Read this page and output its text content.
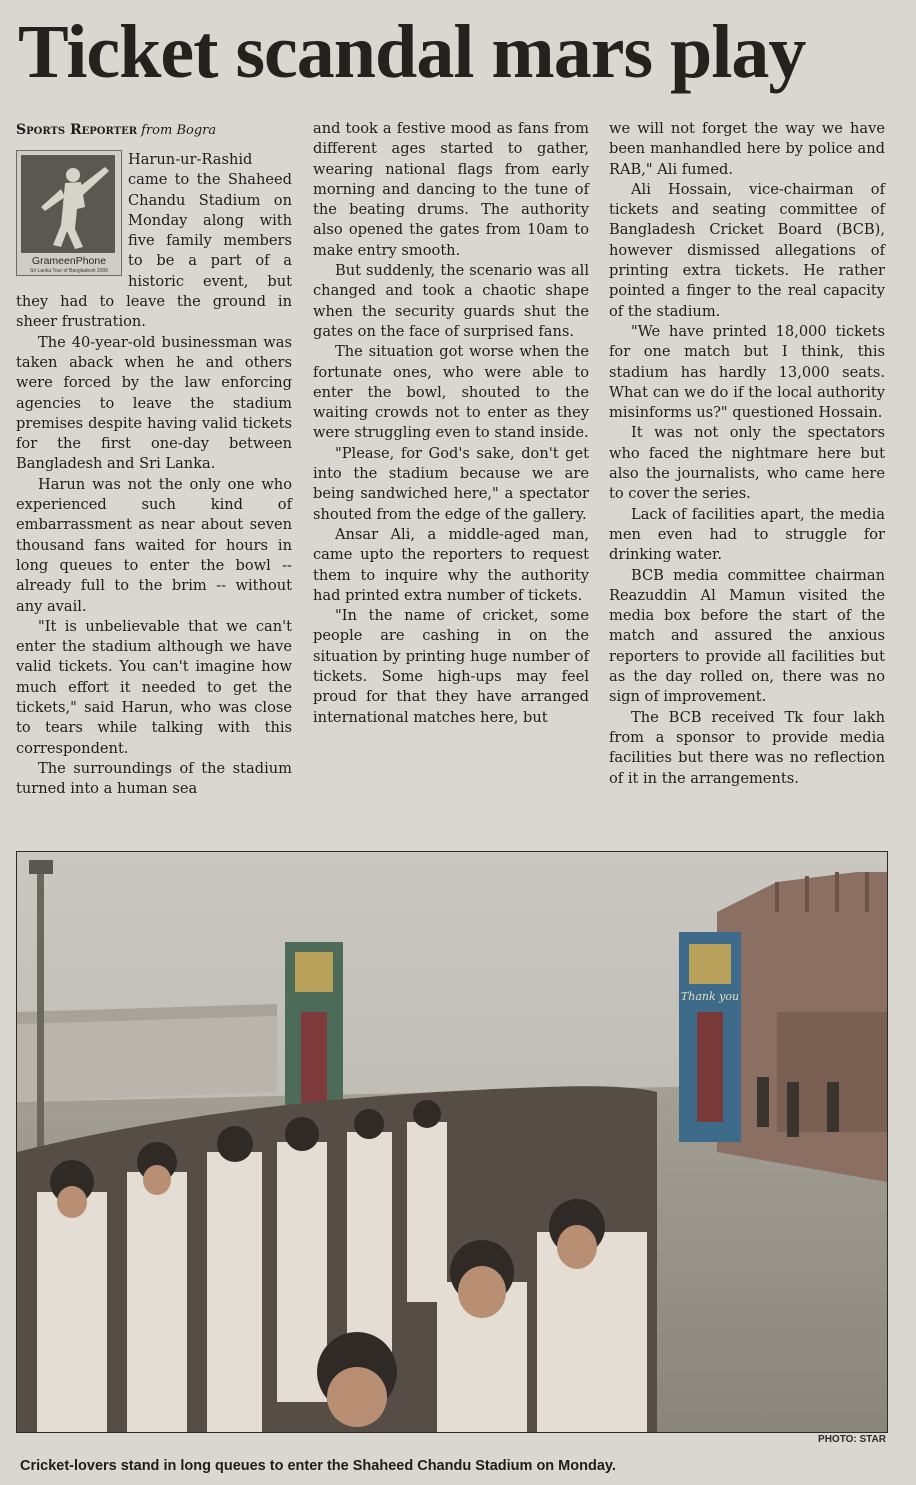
Ticket scandal mars play
Sports Reporter from Bogra
GrameenPhone
Sri Lanka Tour of Bangladesh 2006

Harun-ur-Rashid came to the Shaheed Chandu Stadium on Monday along with five family members to be a part of a historic event, but they had to leave the ground in sheer frustration.

The 40-year-old businessman was taken aback when he and others were forced by the law enforcing agencies to leave the stadium premises despite having valid tickets for the first one-day between Bangladesh and Sri Lanka.

Harun was not the only one who experienced such kind of embarrassment as near about seven thousand fans waited for hours in long queues to enter the bowl -- already full to the brim -- without any avail.

"It is unbelievable that we can't enter the stadium although we have valid tickets. You can't imagine how much effort it needed to get the tickets," said Harun, who was close to tears while talking with this correspondent.

The surroundings of the stadium turned into a human sea

and took a festive mood as fans from different ages started to gather, wearing national flags from early morning and dancing to the tune of the beating drums. The authority also opened the gates from 10am to make entry smooth.

But suddenly, the scenario was all changed and took a chaotic shape when the security guards shut the gates on the face of surprised fans.

The situation got worse when the fortunate ones, who were able to enter the bowl, shouted to the waiting crowds not to enter as they were struggling even to stand inside.

"Please, for God's sake, don't get into the stadium because we are being sandwiched here," a spectator shouted from the edge of the gallery.

Ansar Ali, a middle-aged man, came upto the reporters to request them to inquire why the authority had printed extra number of tickets.

"In the name of cricket, some people are cashing in on the situation by printing huge number of tickets. Some high-ups may feel proud for that they have arranged international matches here, but

we will not forget the way we have been manhandled here by police and RAB," Ali fumed.

Ali Hossain, vice-chairman of tickets and seating committee of Bangladesh Cricket Board (BCB), however dismissed allegations of printing extra tickets. He rather pointed a finger to the real capacity of the stadium.

"We have printed 18,000 tickets for one match but I think, this stadium has hardly 13,000 seats. What can we do if the local authority misinforms us?" questioned Hossain.

It was not only the spectators who faced the nightmare here but also the journalists, who came here to cover the series.

Lack of facilities apart, the media men even had to struggle for drinking water.

BCB media committee chairman Reazuddin Al Mamun visited the media box before the start of the match and assured the anxious reporters to provide all facilities but as the day rolled on, there was no sign of improvement.

The BCB received Tk four lakh from a sponsor to provide media facilities but there was no reflection of it in the arrangements.

Thank you
PHOTO: STAR
Cricket-lovers stand in long queues to enter the Shaheed Chandu Stadium on Monday.
